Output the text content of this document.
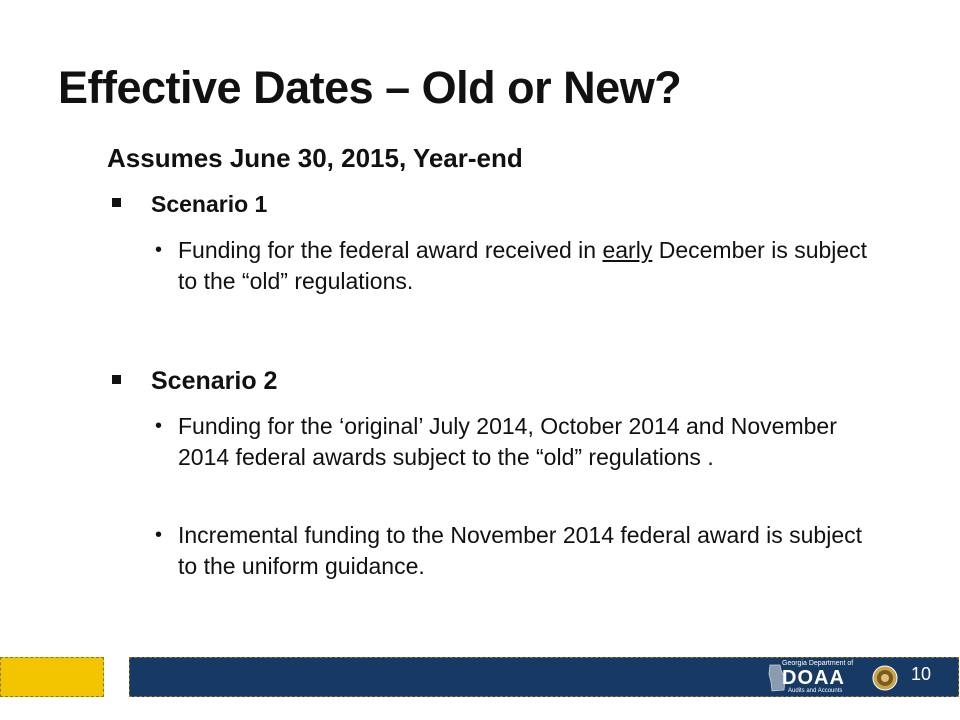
Effective Dates – Old or New?
Assumes June 30, 2015, Year-end
Scenario 1
• Funding for the federal award received in early December is subject to the “old” regulations.
Scenario 2
• Funding for the ‘original’ July 2014, October 2014 and November 2014 federal awards subject to the “old” regulations .
• Incremental funding to the November 2014 federal award is subject to the uniform guidance.
Georgia Department of
DOAA
Audits and Accounts
10
